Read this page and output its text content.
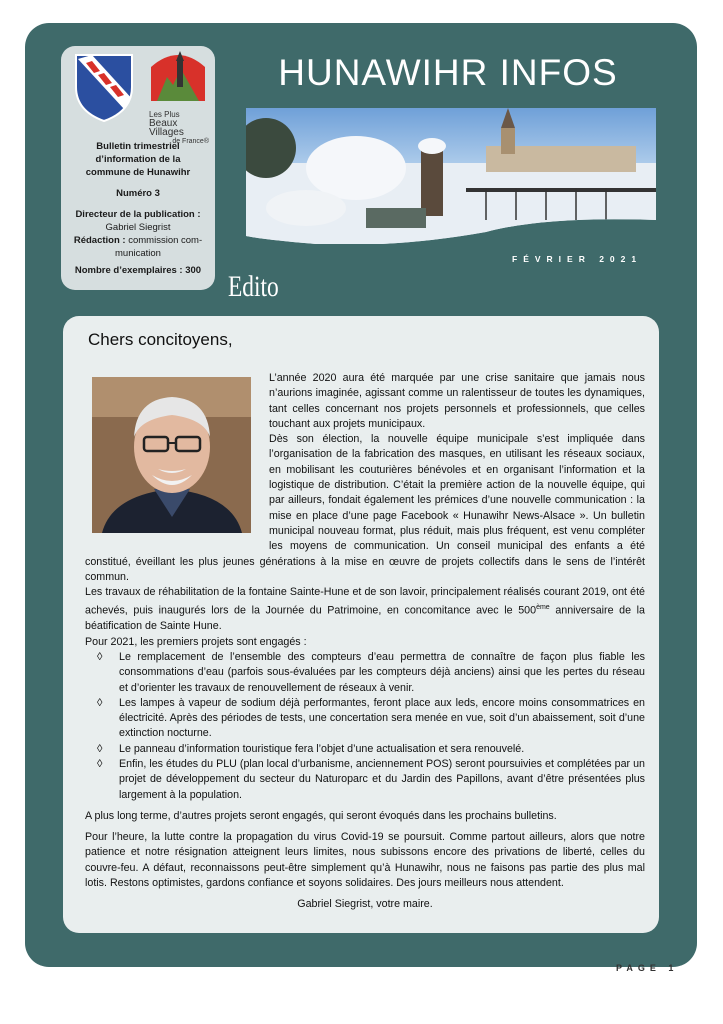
Les Plus
Beaux Villages
de France®
Bulletin trimestriel
d’information de la
commune de Hunawihr
Numéro 3
Directeur de la publication :
Gabriel Siegrist
Rédaction : commission com-
munication
Nombre d’exemplaires : 300
HUNAWIHR INFOS
FÉVRIER 2021
Edito
Chers concitoyens,

L’année 2020 aura été marquée par une crise sanitaire que jamais nous n’aurions imaginée, agissant comme un ralentisseur de toutes les dynamiques, tant celles concernant nos projets personnels et professionnels, que celles touchant aux projets municipaux.

Dès son élection, la nouvelle équipe municipale s’est impliquée dans l’organisation de la fabrication des masques, en utilisant les réseaux sociaux, en mobilisant les couturières bénévoles et en organisant l’information et la logistique de distribution. C’était la première action de la nouvelle équipe, qui par ailleurs, fondait également les prémices d’une nouvelle communication : la mise en place d’une page Facebook « Hunawihr News-Alsace ». Un bulletin municipal nouveau format, plus réduit, mais plus fréquent, est venu compléter les moyens de communication. Un conseil municipal des enfants a été constitué, éveillant les plus jeunes générations à la mise en œuvre de projets collectifs dans le sens de l’intérêt commun.

Les travaux de réhabilitation de la fontaine Sainte-Hune et de son lavoir, principalement réalisés courant 2019, ont été achevés, puis inaugurés lors de la Journée du Patrimoine, en concomitance avec le 500ème anniversaire de la béatification de Sainte Hune.

Pour 2021, les premiers projets sont engagés :

◊ Le remplacement de l’ensemble des compteurs d’eau permettra de connaître de façon plus fiable les consommations d’eau (parfois sous-évaluées par les compteurs déjà anciens) ainsi que les pertes du réseau et d’orienter les travaux de renouvellement de réseaux à venir.
◊ Les lampes à vapeur de sodium déjà performantes, feront place aux leds, encore moins consommatrices en électricité. Après des périodes de tests, une concertation sera menée en vue, soit d’un abaissement, soit d’une extinction nocturne.
◊ Le panneau d’information touristique fera l’objet d’une actualisation et sera renouvelé.
◊ Enfin, les études du PLU (plan local d’urbanisme, anciennement POS) seront poursuivies et complétées par un projet de développement du secteur du Naturoparc et du Jardin des Papillons, avant d’être présentées plus largement à la population.

A plus long terme, d’autres projets seront engagés, qui seront évoqués dans les prochains bulletins.

Pour l’heure, la lutte contre la propagation du virus Covid-19 se poursuit. Comme partout ailleurs, alors que notre patience et notre résignation atteignent leurs limites, nous subissons encore des privations de liberté, celles du couvre-feu. A défaut, reconnaissons peut-être simplement qu’à Hunawihr, nous ne faisons pas partie des plus mal lotis. Restons optimistes, gardons confiance et soyons solidaires. Des jours meilleurs nous attendent.

Gabriel Siegrist, votre maire.

PAGE 1
